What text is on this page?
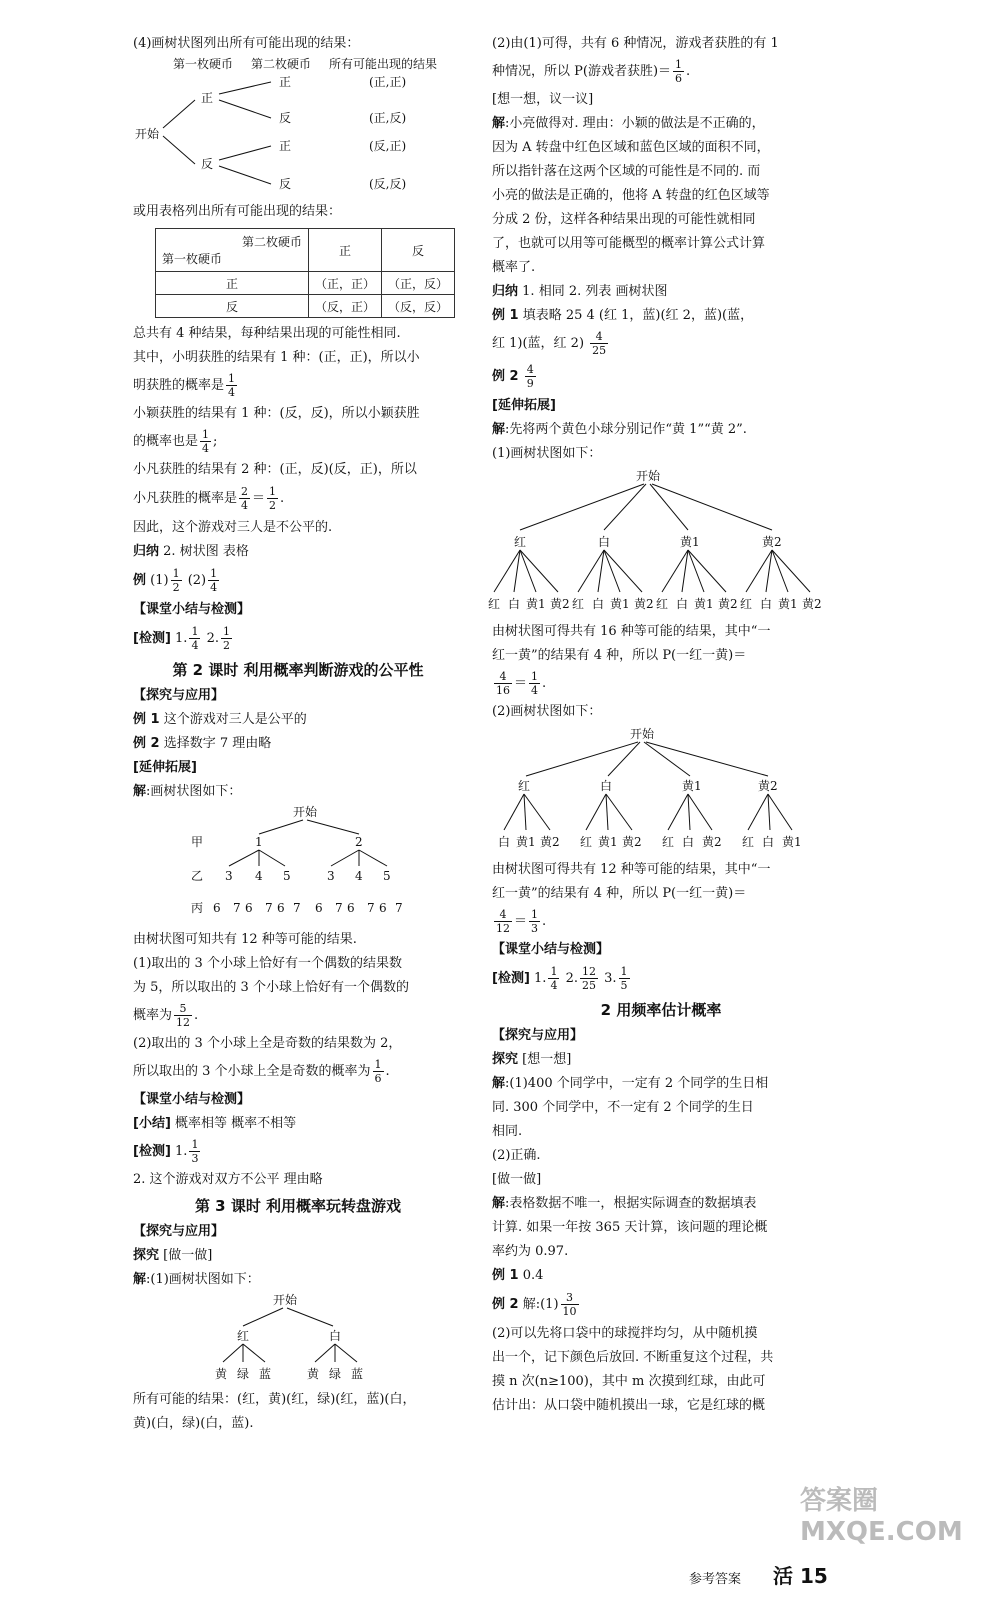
(4)画树状图列出所有可能出现的结果：
第一枚硬币 第二枚硬币 所有可能出现的结果
开始
正
反
正
反
正
反
(正,正)
(正,反)
(反,正)
(反,反)
或用表格列出所有可能出现的结果：
第二枚硬币
第一枚硬币	正	反
正	（正，正）	（正，反）
反	（反，正）	（反，反）
总共有 4 种结果，每种结果出现的可能性相同.
其中，小明获胜的结果有 1 种：(正，正)，所以小
明获胜的概率是 $\frac{1}{4}$
小颖获胜的结果有 1 种：(反，反)，所以小颖获胜
的概率也是 $\frac{1}{4}$ ;
小凡获胜的结果有 2 种：(正，反)(反，正)，所以
小凡获胜的概率是 $\frac{2}{4} = \frac{1}{2}$ .
因此，这个游戏对三人是不公平的.
归纳 2. 树状图 表格
例 $(1) \frac{1}{2} (2) \frac{1}{4}$
【课堂小结与检测】
[检测] 1. $\frac{1}{4} 2$. $\frac{1}{2}$
第 2 课时 利用概率判断游戏的公平性
【探究与应用】
例 1 这个游戏对三人是公平的
例 2 选择数字 7 理由略
[延伸拓展]
解:画树状图如下：
开始
甲
乙
丙
1	2
3 4 5	3 4 5
6 7 6 7 6 7 6 7 6 7 6 7
由树状图可知共有 12 种等可能的结果.
(1)取出的 3 个小球上恰好有一个偶数的结果数
为 5，所以取出的 3 个小球上恰好有一个偶数的
概率为 $\frac{5}{12}$ .
(2)取出的 3 个小球上全是奇数的结果数为 2，
所以取出的 3 个小球上全是奇数的概率为 $\frac{1}{6}$ .
【课堂小结与检测】
[小结] 概率相等 概率不相等
[检测] 1. $\frac{1}{3}$
2. 这个游戏对双方不公平 理由略
第 3 课时 利用概率玩转盘游戏
【探究与应用】
探究 [做一做]
解:(1)画树状图如下：
开始
红	白
黄 绿 蓝	黄 绿 蓝
所有可能的结果：(红，黄)(红，绿)(红，蓝)(白，
黄)(白，绿)(白，蓝).
(2)由(1)可得，共有 6 种情况，游戏者获胜的有 1
种情况，所以 P(游戏者获胜)＝ $\frac{1}{6}$ .
[想一想，议一议]
解:小亮做得对. 理由：小颖的做法是不正确的，
因为 A 转盘中红色区域和蓝色区域的面积不同，
所以指针落在这两个区域的可能性是不同的. 而
小亮的做法是正确的，他将 A 转盘的红色区域等
分成 2 份，这样各种结果出现的可能性就相同
了，也就可以用等可能概型的概率计算公式计算
概率了.
归纳 1. 相同 2. 列表 画树状图
例 1 填表略 25 4 (红 1，蓝)(红 2，蓝)(蓝，
红 1)(蓝，红 $2) \frac{4}{25}$
例 $2 \frac{4}{9}$
[延伸拓展]
解:先将两个黄色小球分别记作“黄 1”“黄 2”.
(1)画树状图如下：
开始
红	白	黄1	黄2
红 白 黄1 黄2 红 白 黄1 黄2 红 白 黄1 黄2 红 白 黄1 黄2
由树状图可得共有 16 种等可能的结果，其中“一
红一黄”的结果有 4 种，所以 P(一红一黄)＝
$\frac{4}{16} = \frac{1}{4}$ .
(2)画树状图如下：
开始
红	白	黄1	黄2
白 黄1 黄2 红 黄1 黄2 红 白 黄2 红 白 黄1
由树状图可得共有 12 种等可能的结果，其中“一
红一黄”的结果有 4 种，所以 P(一红一黄)＝
$\frac{4}{12} = \frac{1}{3}$ .
【课堂小结与检测】
[检测] 1. $\frac{1}{4} 2$. $\frac{12}{25} 3$. $\frac{1}{5}$
2 用频率估计概率
【探究与应用】
探究 [想一想]
解:(1)400 个同学中，一定有 2 个同学的生日相
同. 300 个同学中，不一定有 2 个同学的生日
相同.
(2)正确.
[做一做]
解:表格数据不唯一，根据实际调查的数据填表
计算. 如果一年按 365 天计算，该问题的理论概
率约为 0.97.
例 1 0.4
例 2 解:(1) $\frac{3}{10}$
(2)可以先将口袋中的球搅拌均匀，从中随机摸
出一个，记下颜色后放回. 不断重复这个过程，共
摸 n 次(n≥100)，其中 m 次摸到红球，由此可
估计出：从口袋中随机摸出一球，它是红球的概
答案圈 MXQE.COM
参考答案 活 15
